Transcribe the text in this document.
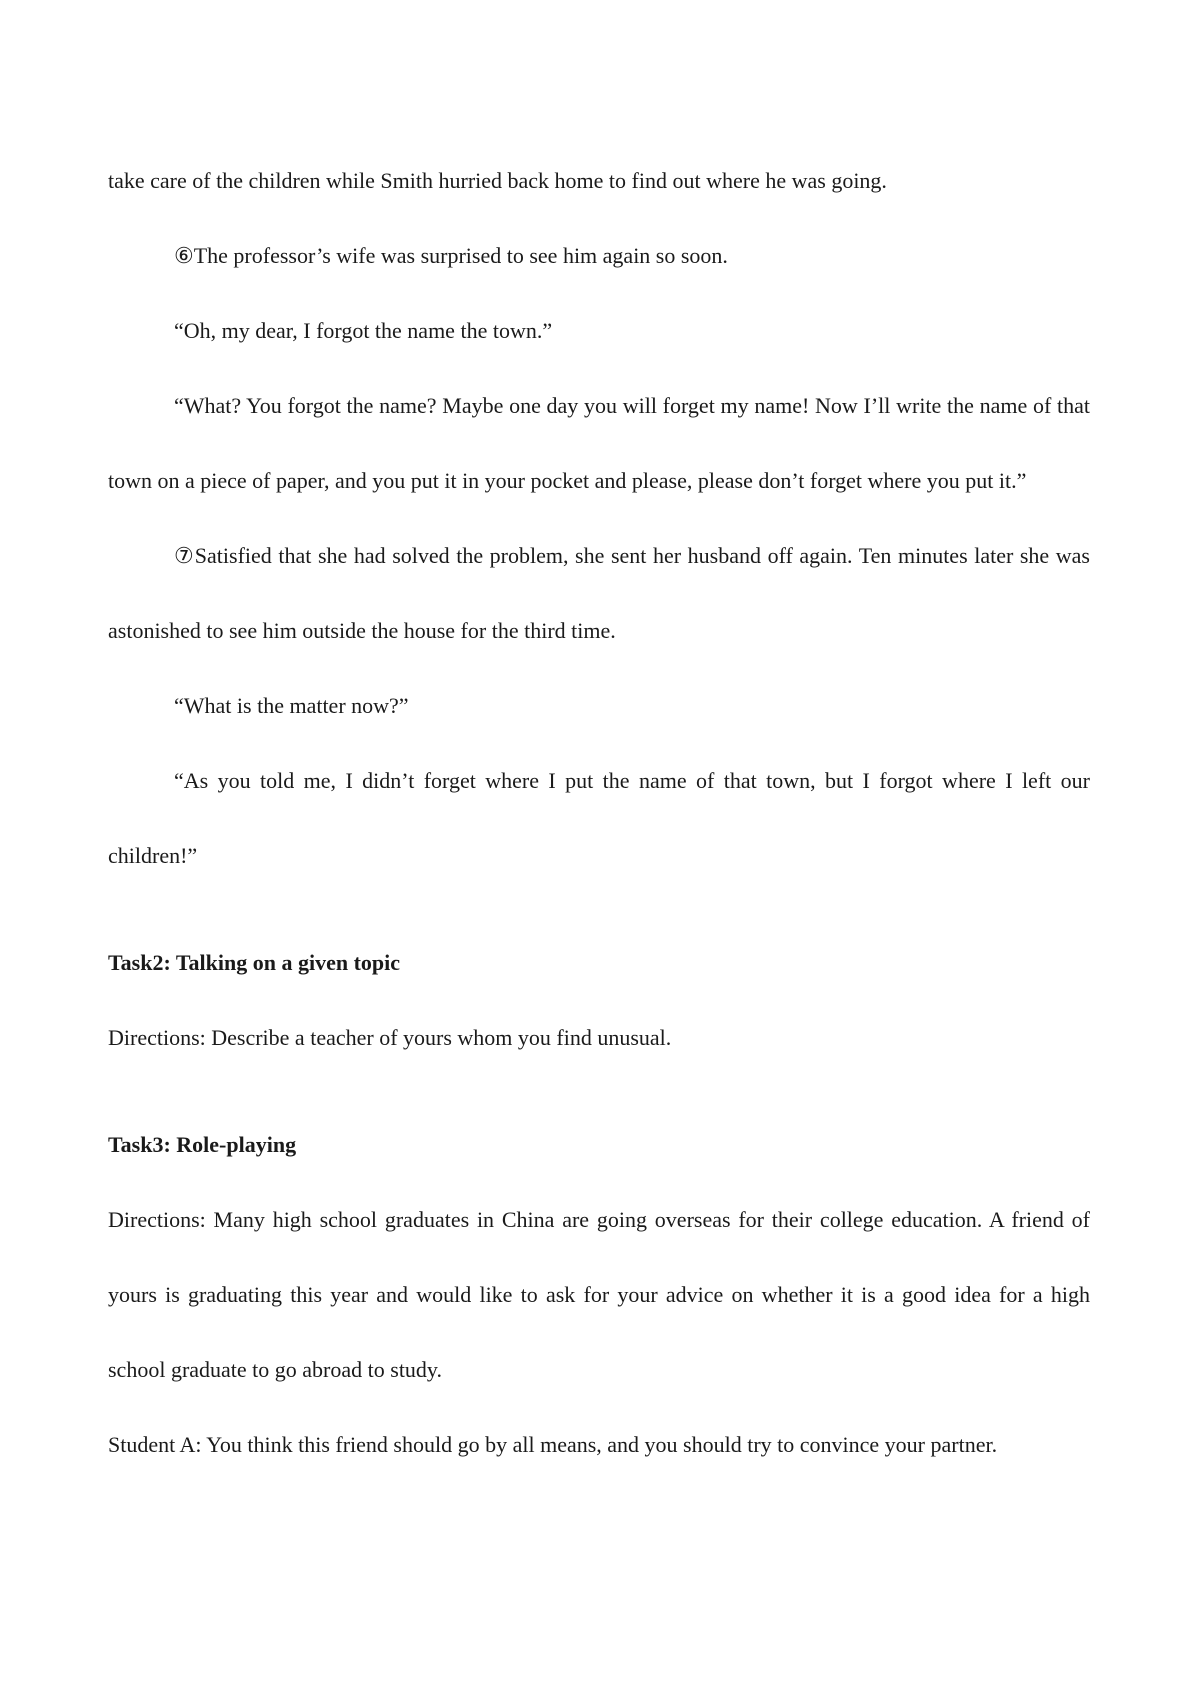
take care of the children while Smith hurried back home to find out where he was going.

⑥The professor’s wife was surprised to see him again so soon.

“Oh, my dear, I forgot the name the town.”

“What? You forgot the name? Maybe one day you will forget my name! Now I’ll write the name of that town on a piece of paper, and you put it in your pocket and please, please don’t forget where you put it.”

⑦Satisfied that she had solved the problem, she sent her husband off again. Ten minutes later she was astonished to see him outside the house for the third time.

“What is the matter now?”

“As you told me, I didn’t forget where I put the name of that town, but I forgot where I left our children!”

Task2: Talking on a given topic

Directions: Describe a teacher of yours whom you find unusual.

Task3: Role-playing

Directions: Many high school graduates in China are going overseas for their college education. A friend of yours is graduating this year and would like to ask for your advice on whether it is a good idea for a high school graduate to go abroad to study.

Student A: You think this friend should go by all means, and you should try to convince your partner.
